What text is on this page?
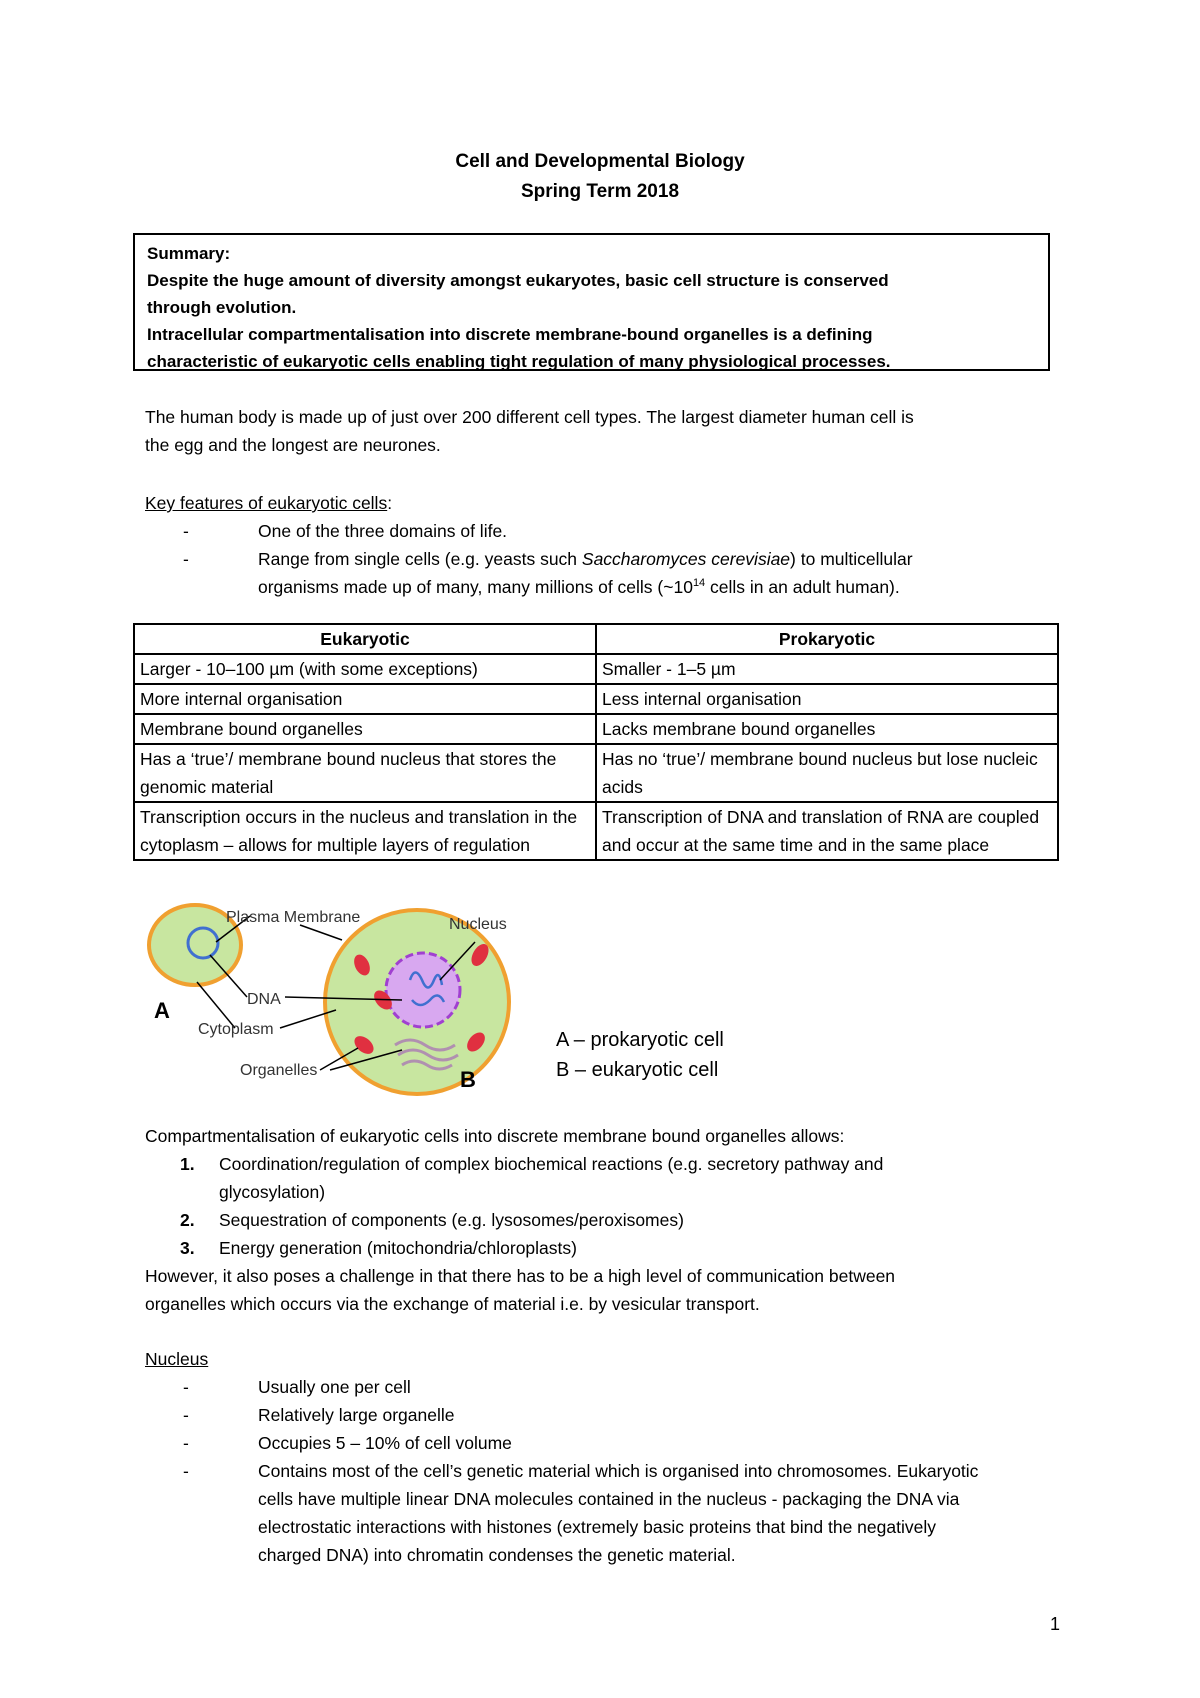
Cell and Developmental Biology
Spring Term 2018
Summary:
Despite the huge amount of diversity amongst eukaryotes, basic cell structure is conserved
through evolution.
Intracellular compartmentalisation into discrete membrane-bound organelles is a defining
characteristic of eukaryotic cells enabling tight regulation of many physiological processes.
The human body is made up of just over 200 different cell types. The largest diameter human cell is
the egg and the longest are neurones.
Key features of eukaryotic cells:
-	One of the three domains of life.
-	Range from single cells (e.g. yeasts such Saccharomyces cerevisiae) to multicellular
organisms made up of many, many millions of cells ($\sim 10^{14}$ cells in an adult human).
Eukaryotic	Prokaryotic
Larger - 10–100 µm (with some exceptions)	Smaller - 1–5 µm
More internal organisation	Less internal organisation
Membrane bound organelles	Lacks membrane bound organelles
Has a ‘true’/ membrane bound nucleus that stores the genomic material	Has no ‘true’/ membrane bound nucleus but lose nucleic acids
Transcription occurs in the nucleus and translation in the cytoplasm – allows for multiple layers of regulation	Transcription of DNA and translation of RNA are coupled and occur at the same time and in the same place
Plasma Membrane	Nucleus
DNA
Cytoplasm
Organelles
A
B
A – prokaryotic cell
B – eukaryotic cell
Compartmentalisation of eukaryotic cells into discrete membrane bound organelles allows:
1. Coordination/regulation of complex biochemical reactions (e.g. secretory pathway and
glycosylation)
2. Sequestration of components (e.g. lysosomes/peroxisomes)
3. Energy generation (mitochondria/chloroplasts)
However, it also poses a challenge in that there has to be a high level of communication between
organelles which occurs via the exchange of material i.e. by vesicular transport.
Nucleus
-	Usually one per cell
-	Relatively large organelle
-	Occupies 5 – 10% of cell volume
-	Contains most of the cell’s genetic material which is organised into chromosomes. Eukaryotic
cells have multiple linear DNA molecules contained in the nucleus - packaging the DNA via
electrostatic interactions with histones (extremely basic proteins that bind the negatively
charged DNA) into chromatin condenses the genetic material.
1
